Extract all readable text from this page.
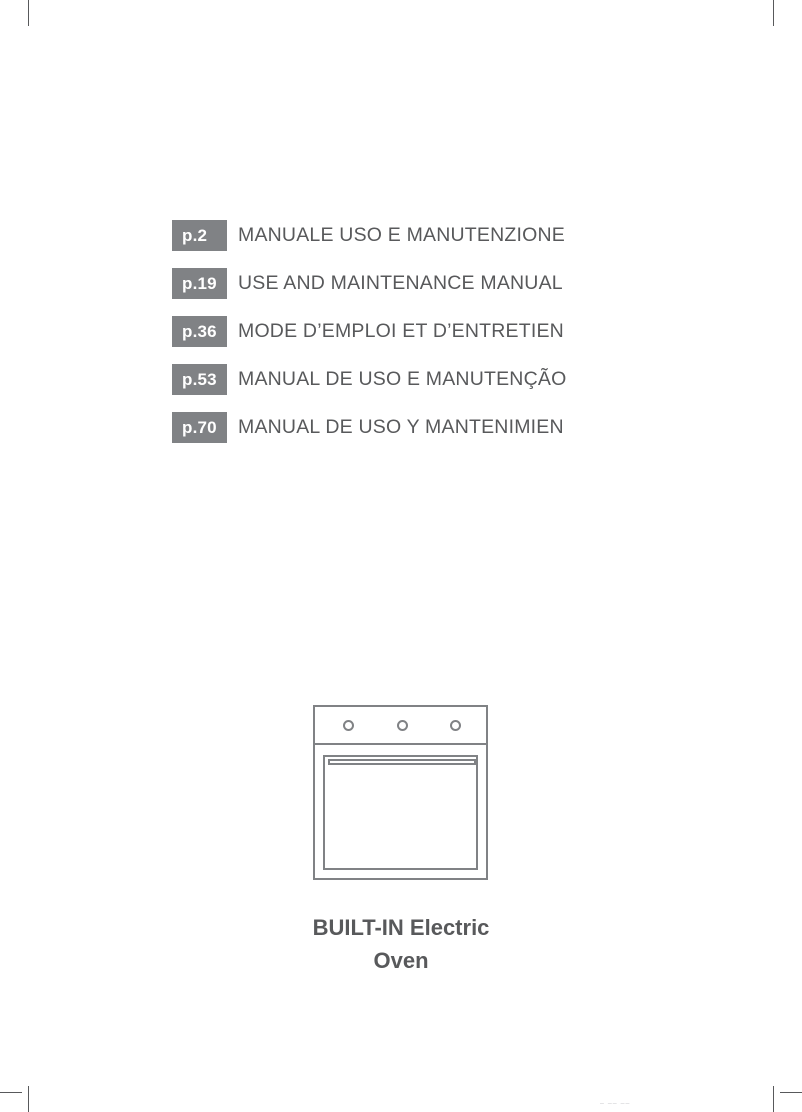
p.2	MANUALE USO E MANUTENZIONE
p.19	USE AND MAINTENANCE MANUAL
p.36	MODE D’EMPLOI ET D’ENTRETIEN
p.53	MANUAL DE USO E MANUTENÇÃO
p.70	MANUAL DE USO Y MANTENIMIEN
BUILT-IN Electric
Oven
– –– ––
